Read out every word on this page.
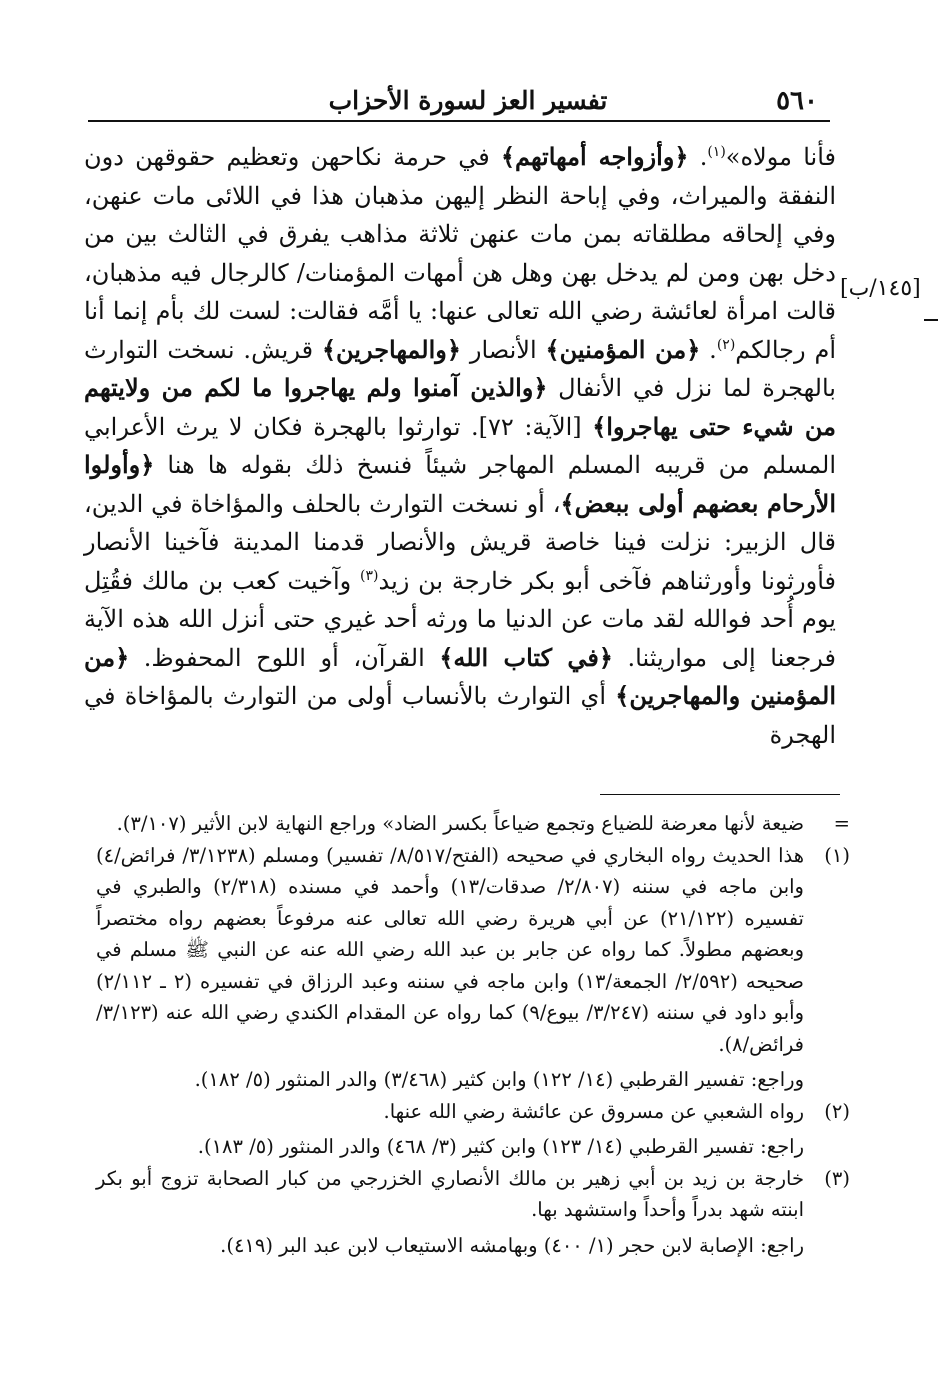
٥٦٠
تفسير العز لسورة الأحزاب

فأنا مولاه»$^{(١)}$. ﴿وأزواجه أمهاتهم﴾ في حرمة نكاحهن وتعظيم حقوقهن دون النفقة والميراث، وفي إباحة النظر إليهن مذهبان هذا في اللائى مات عنهن، وفي إلحاقه مطلقاته بمن مات عنهن ثلاثة مذاهب يفرق في الثالث بين من دخل بهن ومن لم يدخل بهن وهل هن أمهات المؤمنات/ كالرجال فيه مذهبان، قالت امرأة لعائشة رضي الله تعالى عنها: يا أمَّه فقالت: لست لك بأم إنما أنا أم رجالكم$^{(٢)}$. ﴿من المؤمنين﴾ الأنصار ﴿والمهاجرين﴾ قريش. نسخت التوارث بالهجرة لما نزل في الأنفال ﴿والذين آمنوا ولم يهاجروا ما لكم من ولايتهم من شيء حتى يهاجروا﴾ [الآية: ٧٢]. توارثوا بالهجرة فكان لا يرث الأعرابي المسلم من قريبه المسلم المهاجر شيئاً فنسخ ذلك بقوله ها هنا ﴿وأولوا الأرحام بعضهم أولى ببعض﴾، أو نسخت التوارث بالحلف والمؤاخاة في الدين، قال الزبير: نزلت فينا خاصة قريش والأنصار قدمنا المدينة فآخينا الأنصار فأورثونا وأورثناهم فآخى أبو بكر خارجة بن زيد$^{(٣)}$ وآخيت كعب بن مالك فقُتِل يوم أُحد فوالله لقد مات عن الدنيا ما ورثه أحد غيري حتى أنزل الله هذه الآية فرجعنا إلى مواريثنا. ﴿في كتاب الله﴾ القرآن، أو اللوح المحفوظ. ﴿من المؤمنين والمهاجرين﴾ أي التوارث بالأنساب أولى من التوارث بالمؤاخاة في الهجرة

[١٤٥/ب]
=
ضيعة لأنها معرضة للضياع وتجمع ضياعاً بكسر الضاد» وراجع النهاية لابن الأثير (٣/١٠٧).
(١)
هذا الحديث رواه البخاري في صحيحه (الفتح/٨/٥١٧/ تفسير) ومسلم (٣/١٢٣٨/ فرائض/٤) وابن ماجه في سننه (٢/٨٠٧/ صدقات/١٣) وأحمد في مسنده (٢/٣١٨) والطبري في تفسيره (٢١/١٢٢) عن أبي هريرة رضي الله تعالى عنه مرفوعاً بعضهم رواه مختصراً وبعضهم مطولاً. كما رواه عن جابر بن عبد الله رضي الله عنه عن النبي ﷺ مسلم في صحيحه (٢/٥٩٢/ الجمعة/١٣) وابن ماجه في سننه وعبد الرزاق في تفسيره (٢ ـ ٢/١١٢) وأبو داود في سننه (٣/٢٤٧/ بيوع/٩) كما رواه عن المقدام الكندي رضي الله عنه (٣/١٢٣/ فرائض/٨).
وراجع: تفسير القرطبي (١٤/ ١٢٢) وابن كثير (٣/٤٦٨) والدر المنثور (٥/ ١٨٢).
(٢)
رواه الشعبي عن مسروق عن عائشة رضي الله عنها.
راجع: تفسير القرطبي (١٤/ ١٢٣) وابن كثير (٣/ ٤٦٨) والدر المنثور (٥/ ١٨٣).
(٣)
خارجة بن زيد بن أبي زهير بن مالك الأنصاري الخزرجي من كبار الصحابة تزوج أبو بكر ابنته شهد بدراً وأحداً واستشهد بها.
راجع: الإصابة لابن حجر (١/ ٤٠٠) وبهامشه الاستيعاب لابن عبد البر (٤١٩).
